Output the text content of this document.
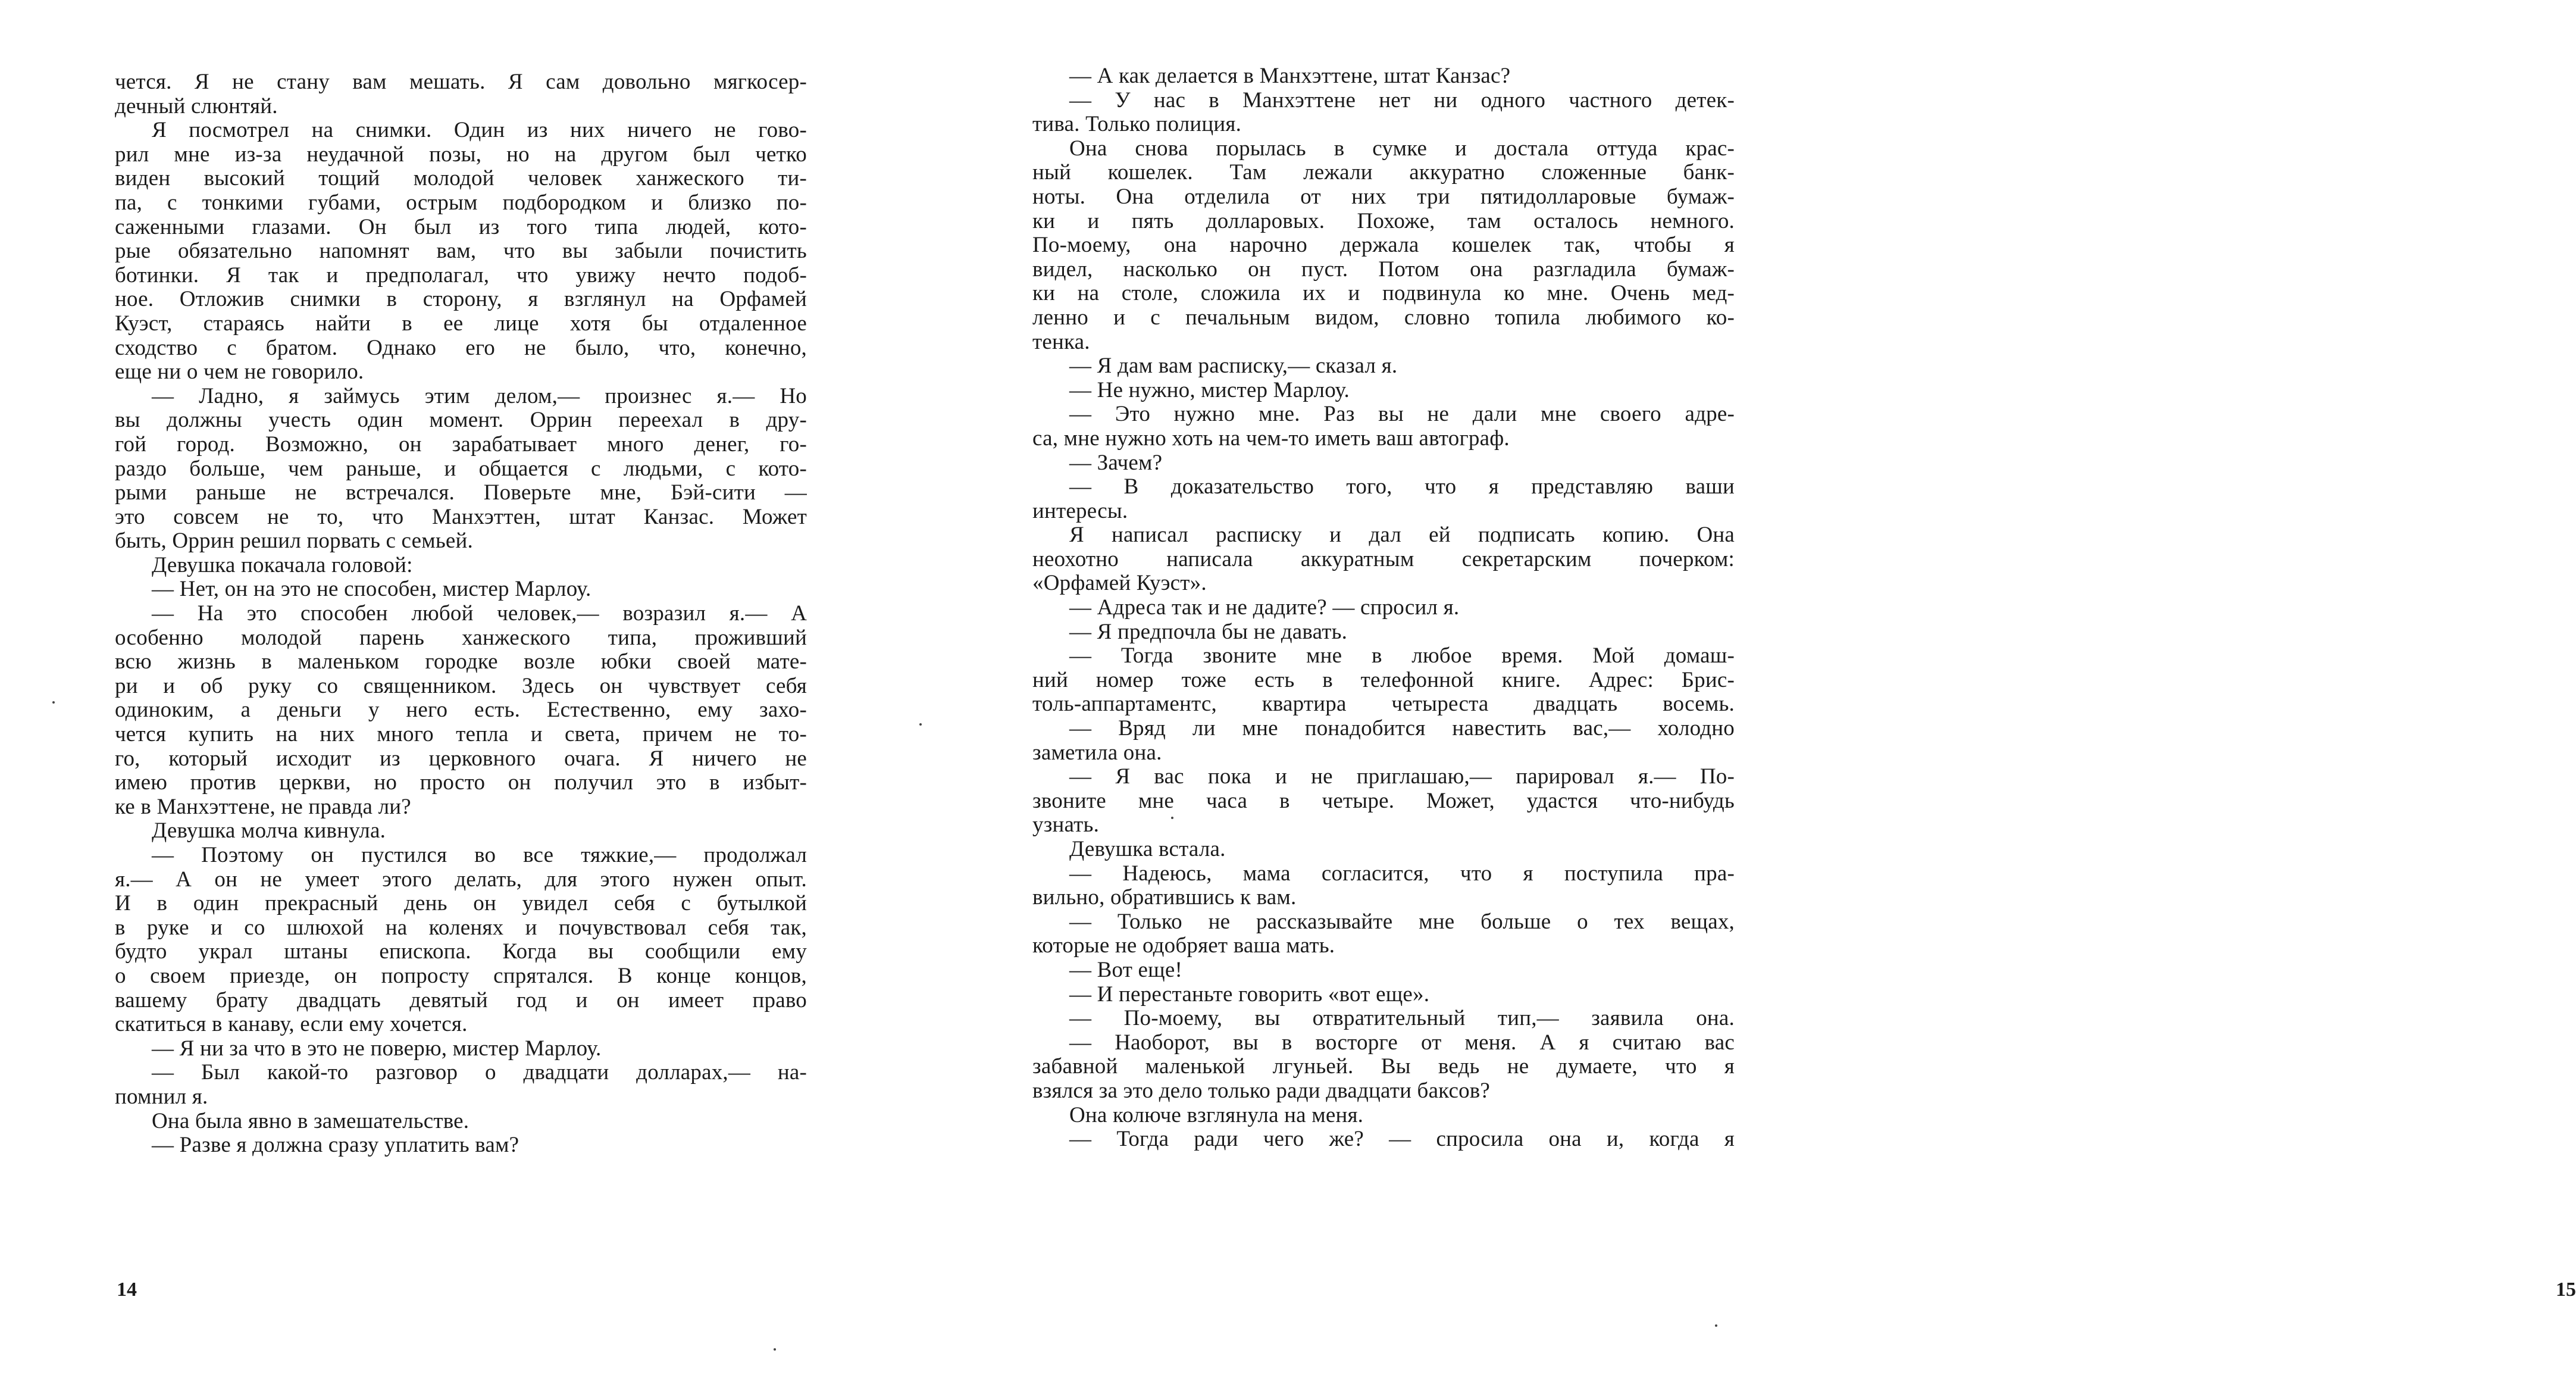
чется. Я не стану вам мешать. Я сам довольно мягкосер-
дечный слюнтяй.
Я посмотрел на снимки. Один из них ничего не гово-
рил мне из-за неудачной позы, но на другом был четко
виден высокий тощий молодой человек ханжеского ти-
па, с тонкими губами, острым подбородком и близко по-
саженными глазами. Он был из того типа людей, кото-
рые обязательно напомнят вам, что вы забыли почистить
ботинки. Я так и предполагал, что увижу нечто подоб-
ное. Отложив снимки в сторону, я взглянул на Орфамей
Куэст, стараясь найти в ее лице хотя бы отдаленное
сходство с братом. Однако его не было, что, конечно,
еще ни о чем не говорило.
— Ладно, я займусь этим делом,— произнес я.— Но
вы должны учесть один момент. Оррин переехал в дру-
гой город. Возможно, он зарабатывает много денег, го-
раздо больше, чем раньше, и общается с людьми, с кото-
рыми раньше не встречался. Поверьте мне, Бэй-сити —
это совсем не то, что Манхэттен, штат Канзас. Может
быть, Оррин решил порвать с семьей.
Девушка покачала головой:
— Нет, он на это не способен, мистер Марлоу.
— На это способен любой человек,— возразил я.— А
особенно молодой парень ханжеского типа, проживший
всю жизнь в маленьком городке возле юбки своей мате-
ри и об руку со священником. Здесь он чувствует себя
одиноким, а деньги у него есть. Естественно, ему захо-
чется купить на них много тепла и света, причем не то-
го, который исходит из церковного очага. Я ничего не
имею против церкви, но просто он получил это в избыт-
ке в Манхэттене, не правда ли?
Девушка молча кивнула.
— Поэтому он пустился во все тяжкие,— продолжал
я.— А он не умеет этого делать, для этого нужен опыт.
И в один прекрасный день он увидел себя с бутылкой
в руке и со шлюхой на коленях и почувствовал себя так,
будто украл штаны епископа. Когда вы сообщили ему
о своем приезде, он попросту спрятался. В конце концов,
вашему брату двадцать девятый год и он имеет право
скатиться в канаву, если ему хочется.
— Я ни за что в это не поверю, мистер Марлоу.
— Был какой-то разговор о двадцати долларах,— на-
помнил я.
Она была явно в замешательстве.
— Разве я должна сразу уплатить вам?
14
— А как делается в Манхэттене, штат Канзас?
— У нас в Манхэттене нет ни одного частного детек-
тива. Только полиция.
Она снова порылась в сумке и достала оттуда крас-
ный кошелек. Там лежали аккуратно сложенные банк-
ноты. Она отделила от них три пятидолларовые бумаж-
ки и пять долларовых. Похоже, там осталось немного.
По-моему, она нарочно держала кошелек так, чтобы я
видел, насколько он пуст. Потом она разгладила бумаж-
ки на столе, сложила их и подвинула ко мне. Очень мед-
ленно и с печальным видом, словно топила любимого ко-
тенка.
— Я дам вам расписку,— сказал я.
— Не нужно, мистер Марлоу.
— Это нужно мне. Раз вы не дали мне своего адре-
са, мне нужно хоть на чем-то иметь ваш автограф.
— Зачем?
— В доказательство того, что я представляю ваши
интересы.
Я написал расписку и дал ей подписать копию. Она
неохотно написала аккуратным секретарским почерком:
«Орфамей Куэст».
— Адреса так и не дадите? — спросил я.
— Я предпочла бы не давать.
— Тогда звоните мне в любое время. Мой домаш-
ний номер тоже есть в телефонной книге. Адрес: Брис-
толь-аппартаментс, квартира четыреста двадцать восемь.
— Вряд ли мне понадобится навестить вас,— холодно
заметила она.
— Я вас пока и не приглашаю,— парировал я.— По-
звоните мне часа в четыре. Может, удастся что-нибудь
узнать.
Девушка встала.
— Надеюсь, мама согласится, что я поступила пра-
вильно, обратившись к вам.
— Только не рассказывайте мне больше о тех вещах,
которые не одобряет ваша мать.
— Вот еще!
— И перестаньте говорить «вот еще».
— По-моему, вы отвратительный тип,— заявила она.
— Наоборот, вы в восторге от меня. А я считаю вас
забавной маленькой лгуньей. Вы ведь не думаете, что я
взялся за это дело только ради двадцати баксов?
Она колюче взглянула на меня.
— Тогда ради чего же? — спросила она и, когда я
15
